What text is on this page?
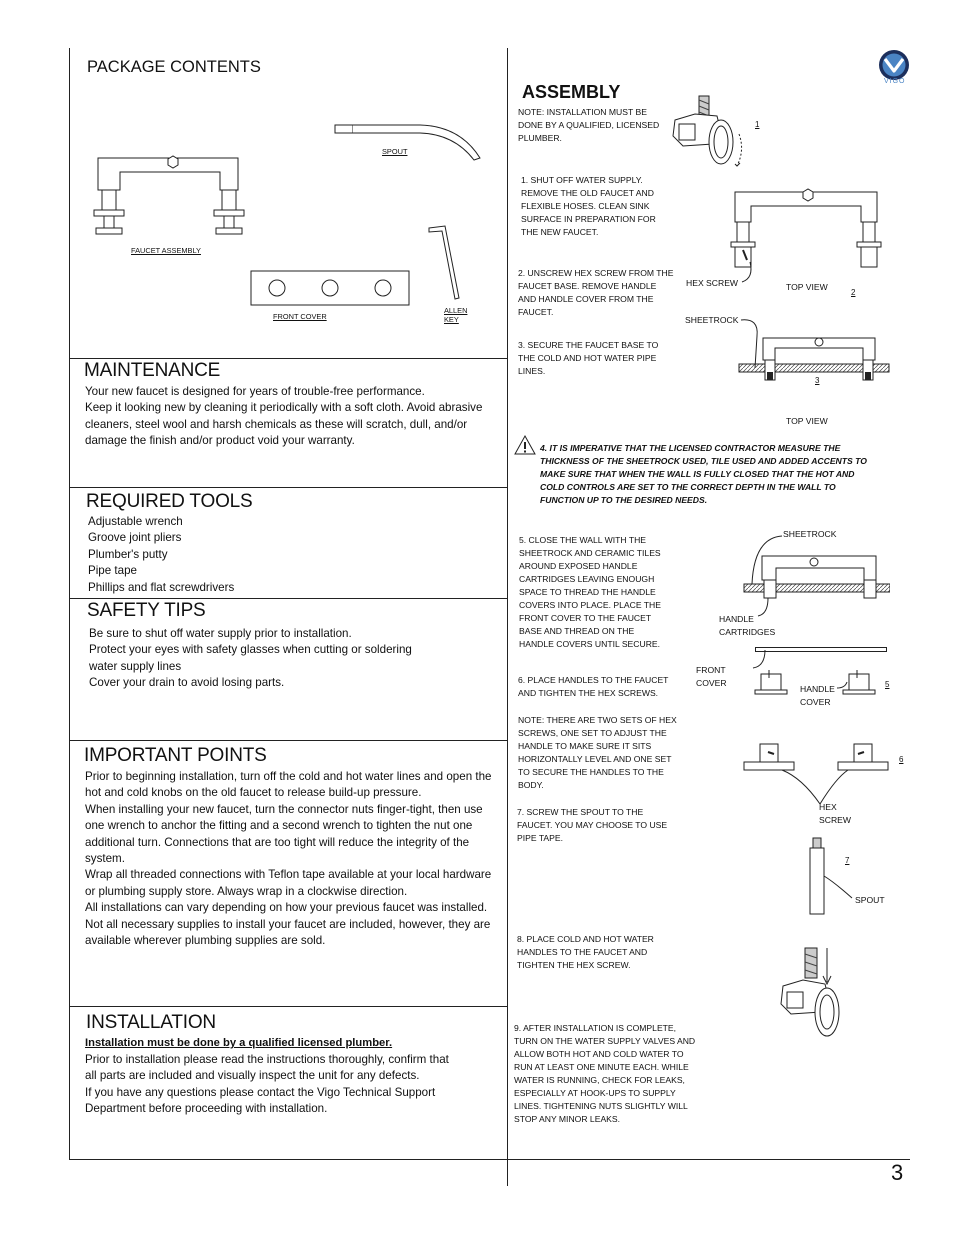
VIGO
PACKAGE CONTENTS
SPOUT
FAUCET ASSEMBLY
ALLEN
KEY
FRONT COVER
MAINTENANCE
Your new faucet is designed for years of trouble-free performance.
Keep it looking new by cleaning it periodically with a soft cloth. Avoid abrasive cleaners, steel wool and harsh chemicals as these will scratch, dull, and/or damage the finish and/or product void your warranty.
REQUIRED TOOLS
Adjustable wrench
Groove joint pliers
Plumber's putty
Pipe tape
Phillips and flat screwdrivers
SAFETY TIPS
Be sure to shut off water supply prior to installation.
Protect your eyes with safety glasses when cutting or soldering water supply lines
Cover your drain to avoid losing parts.
IMPORTANT POINTS
Prior to beginning installation, turn off the cold and hot water lines and open the hot and cold knobs on the old faucet to release build-up pressure.
When installing your new faucet, turn the connector nuts finger-tight, then use one wrench to anchor the fitting and a second wrench to tighten the nut one additional turn. Connections that are too tight will reduce the integrity of the system.
Wrap all threaded connections with Teflon tape available at your local hardware or plumbing supply store. Always wrap in a clockwise direction.
All installations can vary depending on how your previous faucet was installed. Not all necessary supplies to install your faucet are included, however, they are available wherever plumbing supplies are sold.
INSTALLATION
Installation must be done by a qualified licensed plumber.
Prior to installation please read the instructions thoroughly, confirm that all parts are included and visually inspect the unit for any defects.
If you have any questions please contact the Vigo Technical Support Department before proceeding with installation.
ASSEMBLY
NOTE: INSTALLATION MUST BE
DONE BY A QUALIFIED, LICENSED
PLUMBER.
1
1. SHUT OFF WATER SUPPLY.
REMOVE THE OLD FAUCET AND
FLEXIBLE HOSES. CLEAN SINK
SURFACE IN PREPARATION FOR
THE NEW FAUCET.
HEX SCREW	TOP VIEW
2
2. UNSCREW HEX SCREW FROM THE
FAUCET BASE. REMOVE HANDLE
AND HANDLE COVER FROM THE
FAUCET.
SHEETROCK
3
TOP VIEW
3. SECURE THE FAUCET BASE TO
THE COLD AND HOT WATER PIPE
LINES.
4. IT IS IMPERATIVE THAT THE LICENSED CONTRACTOR MEASURE THE
THICKNESS OF THE SHEETROCK USED, TILE USED AND ADDED ACCENTS TO
MAKE SURE THAT WHEN THE WALL IS FULLY CLOSED THAT THE HOT AND
COLD CONTROLS ARE SET TO THE CORRECT DEPTH IN THE WALL TO
FUNCTION UP TO THE DESIRED NEEDS.
5. CLOSE THE WALL WITH THE
SHEETROCK AND CERAMIC TILES
AROUND EXPOSED HANDLE
CARTRIDGES LEAVING ENOUGH
SPACE TO THREAD THE HANDLE
COVERS INTO PLACE. PLACE THE
FRONT COVER TO THE FAUCET
BASE AND THREAD ON THE
HANDLE COVERS UNTIL SECURE.
SHEETROCK
HANDLE
CARTRIDGES
FRONT
COVER
HANDLE
COVER
5
6. PLACE HANDLES TO THE FAUCET
AND TIGHTEN THE HEX SCREWS.
NOTE: THERE ARE TWO SETS OF HEX
SCREWS, ONE SET TO ADJUST THE
HANDLE TO MAKE SURE IT SITS
HORIZONTALLY LEVEL AND ONE SET
TO SECURE THE HANDLES TO THE
BODY.
6
HEX
SCREW
7. SCREW THE SPOUT TO THE
FAUCET. YOU MAY CHOOSE TO USE
PIPE TAPE.
7
SPOUT
8. PLACE COLD AND HOT WATER
HANDLES TO THE FAUCET AND
TIGHTEN THE HEX SCREW.
9. AFTER INSTALLATION IS COMPLETE,
TURN ON THE WATER SUPPLY VALVES AND
ALLOW BOTH HOT AND COLD WATER TO
RUN AT LEAST ONE MINUTE EACH. WHILE
WATER IS RUNNING, CHECK FOR LEAKS,
ESPECIALLY AT HOOK-UPS TO SUPPLY
LINES. TIGHTENING NUTS SLIGHTLY WILL
STOP ANY MINOR LEAKS.
3
